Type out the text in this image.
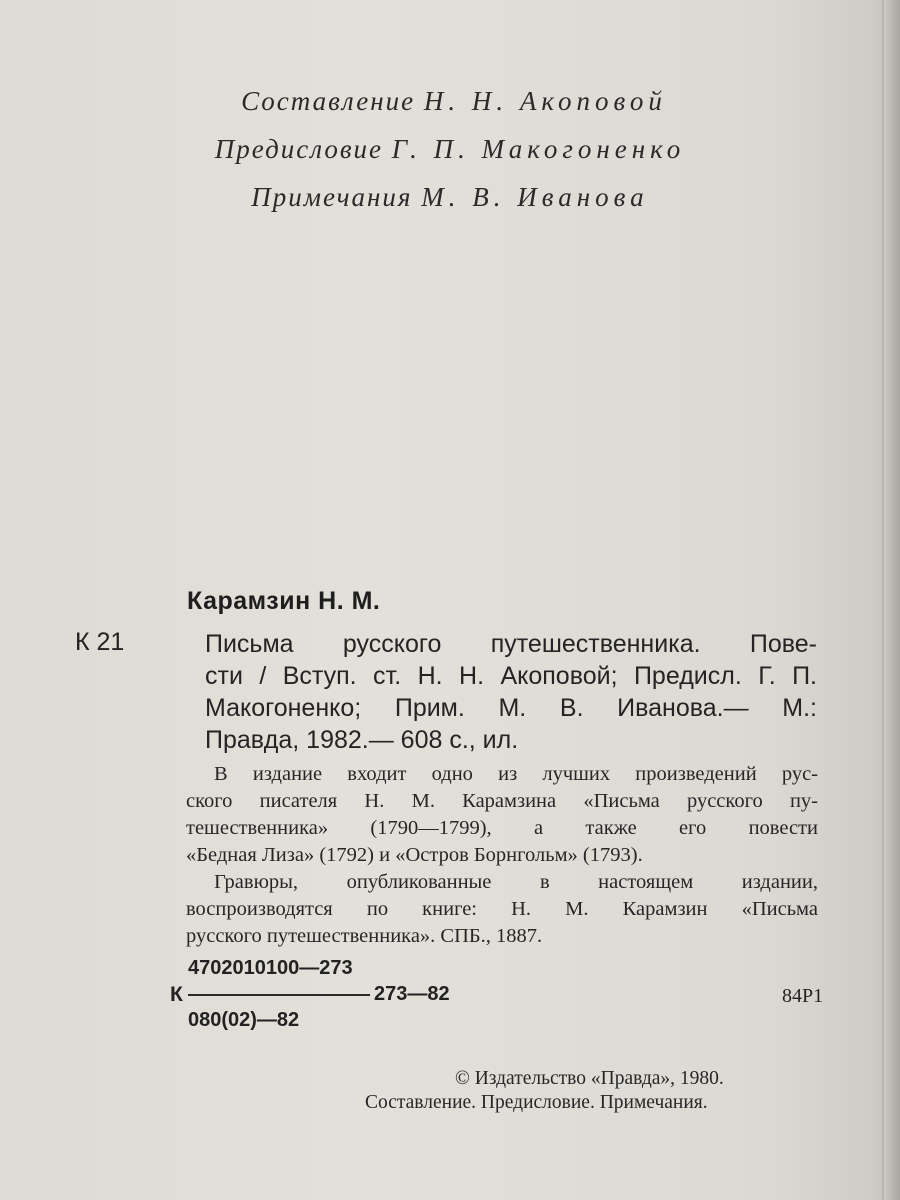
Составление Н. Н. Акоповой
Предисловие Г. П. Макогоненко
Примечания М. В. Иванова
Карамзин Н. М.
К 21	Письма русского путешественника. Пове-
сти / Вступ. ст. Н. Н. Акоповой; Предисл. Г. П.
Макогоненко; Прим. М. В. Иванова.— М.:
Правда, 1982.— 608 с., ил.
В издание входит одно из лучших произведений рус-
ского писателя Н. М. Карамзина «Письма русского пу-
тешественника» (1790—1799), а также его повести
«Бедная Лиза» (1792) и «Остров Борнгольм» (1793).
Гравюры, опубликованные в настоящем издании,
воспроизводятся по книге: Н. М. Карамзин «Письма
русского путешественника». СПБ., 1887.
4702010100—273
К	273—82
080(02)—82
84Р1
© Издательство «Правда», 1980.
Составление. Предисловие. Примечания.
